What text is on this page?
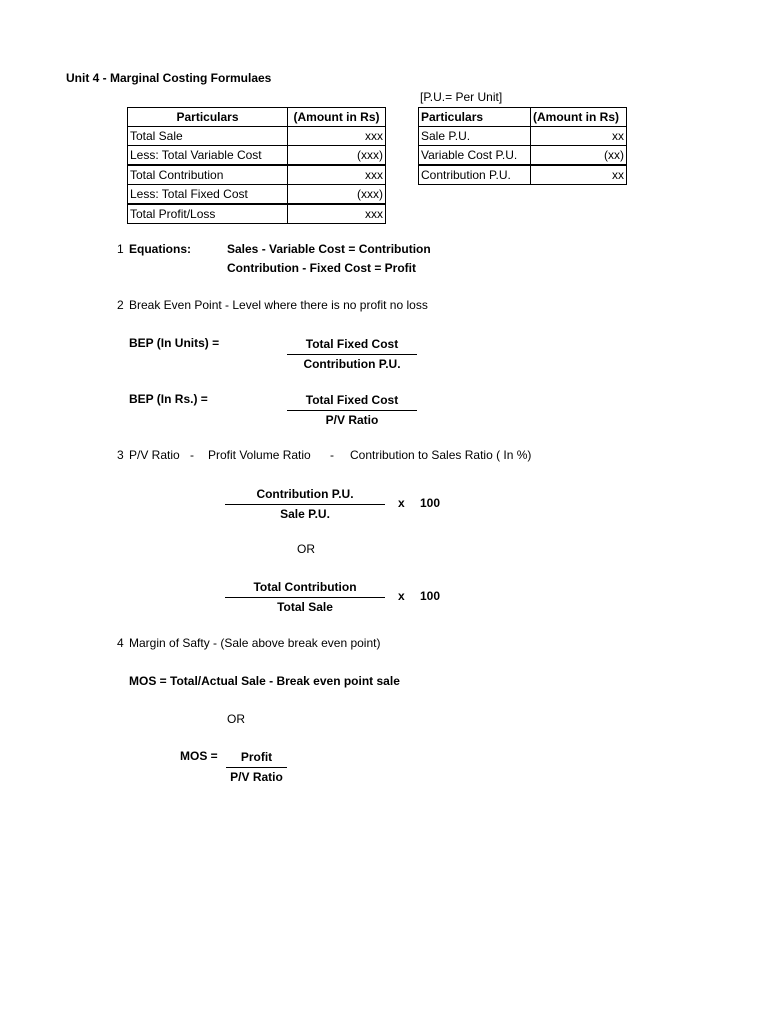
Unit 4 - Marginal Costing Formulaes
[P.U.= Per Unit]
Particulars	(Amount in Rs)
Total Sale	xxx
Less: Total Variable Cost	(xxx)
Total Contribution	xxx
Less: Total Fixed Cost	(xxx)
Total Profit/Loss	xxx
Particulars	(Amount in Rs)
Sale P.U.	xx
Variable Cost P.U.	(xx)
Contribution P.U.	xx
1 Equations:	Sales - Variable Cost = Contribution
Contribution - Fixed Cost = Profit
2 Break Even Point - Level where there is no profit no loss
BEP (In Units) =	Total Fixed Cost
Contribution P.U.
BEP (In Rs.) =	Total Fixed Cost
P/V Ratio
3 P/V Ratio - Profit Volume Ratio - Contribution to Sales Ratio ( In %)
Contribution P.U.
Sale P.U.
x 100
OR
Total Contribution
Total Sale
x 100
4 Margin of Safty - (Sale above break even point)
MOS = Total/Actual Sale - Break even point sale
OR
MOS =	Profit
P/V Ratio
